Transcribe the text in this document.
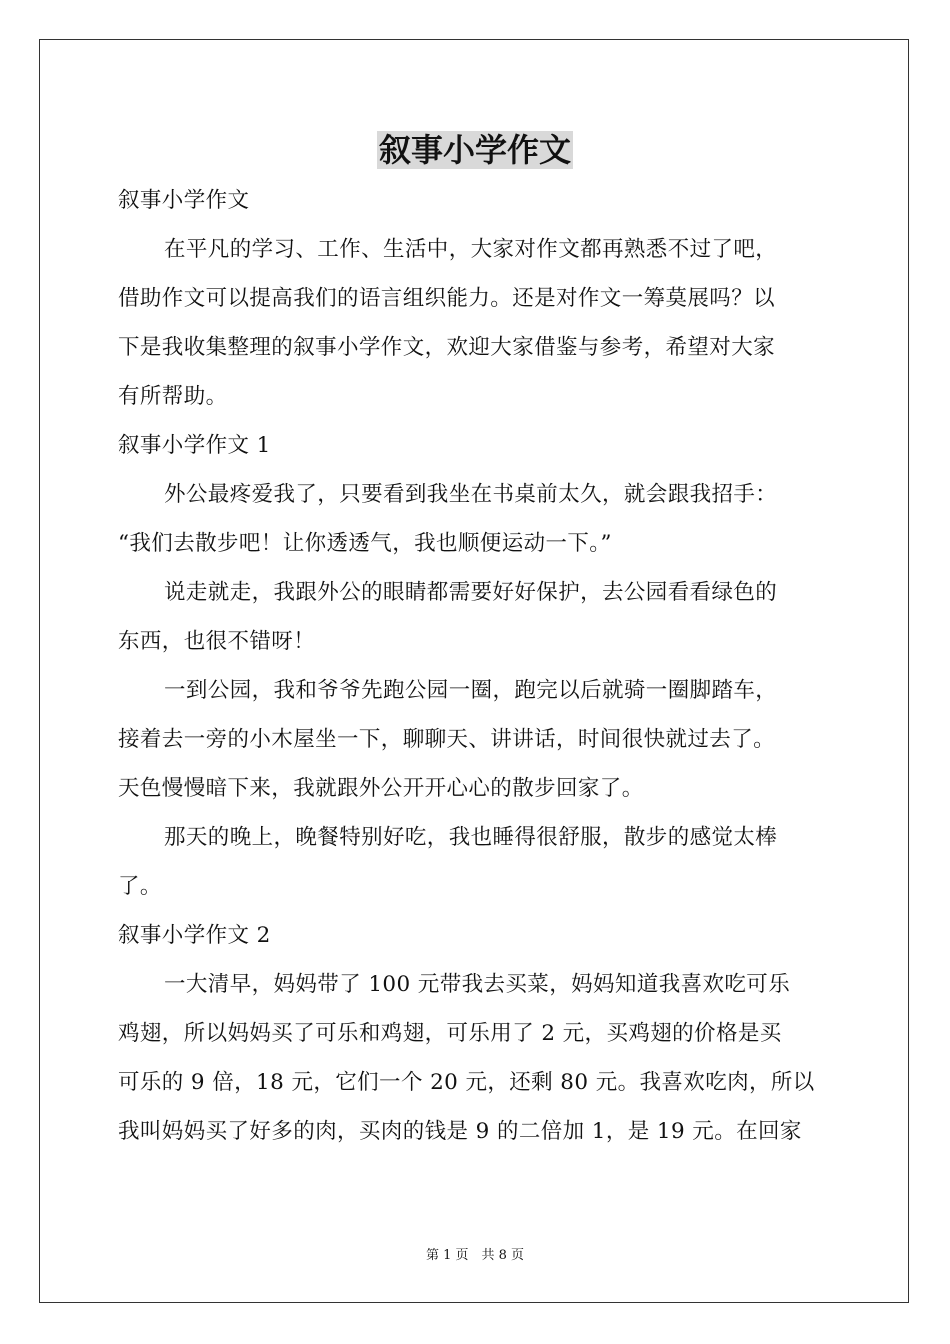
叙事小学作文
叙事小学作文
在平凡的学习、工作、生活中，大家对作文都再熟悉不过了吧，
借助作文可以提高我们的语言组织能力。还是对作文一筹莫展吗？以
下是我收集整理的叙事小学作文，欢迎大家借鉴与参考，希望对大家
有所帮助。
叙事小学作文 1
外公最疼爱我了，只要看到我坐在书桌前太久，就会跟我招手：
“我们去散步吧！让你透透气，我也顺便运动一下。”
说走就走，我跟外公的眼睛都需要好好保护，去公园看看绿色的
东西，也很不错呀！
一到公园，我和爷爷先跑公园一圈，跑完以后就骑一圈脚踏车，
接着去一旁的小木屋坐一下，聊聊天、讲讲话，时间很快就过去了。
天色慢慢暗下来，我就跟外公开开心心的散步回家了。
那天的晚上，晚餐特别好吃，我也睡得很舒服，散步的感觉太棒
了。
叙事小学作文 2
一大清早，妈妈带了 100 元带我去买菜，妈妈知道我喜欢吃可乐
鸡翅，所以妈妈买了可乐和鸡翅，可乐用了 2 元，买鸡翅的价格是买
可乐的 9 倍，18 元，它们一个 20 元，还剩 80 元。我喜欢吃肉，所以
我叫妈妈买了好多的肉，买肉的钱是 9 的二倍加 1，是 19 元。在回家
第 1 页　共 8 页
